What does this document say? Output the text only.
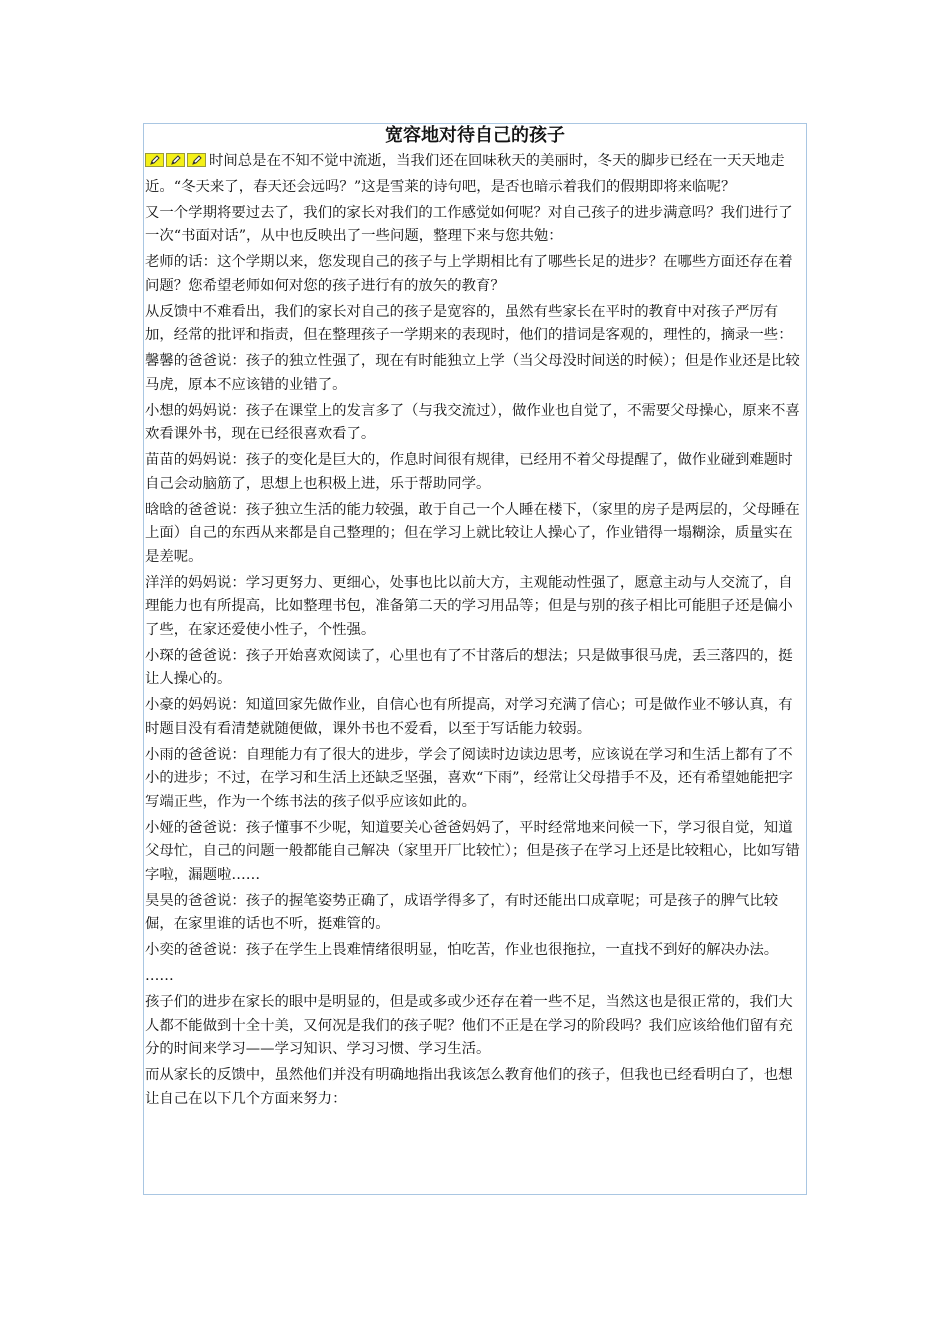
宽容地对待自己的孩子

时间总是在不知不觉中流逝，当我们还在回味秋天的美丽时，冬天的脚步已经在一天天地走近。“冬天来了，春天还会远吗？”这是雪莱的诗句吧，是否也暗示着我们的假期即将来临呢？

又一个学期将要过去了，我们的家长对我们的工作感觉如何呢？对自己孩子的进步满意吗？我们进行了一次“书面对话”，从中也反映出了一些问题，整理下来与您共勉：

老师的话：这个学期以来，您发现自己的孩子与上学期相比有了哪些长足的进步？在哪些方面还存在着问题？您希望老师如何对您的孩子进行有的放矢的教育？

从反馈中不难看出，我们的家长对自己的孩子是宽容的，虽然有些家长在平时的教育中对孩子严厉有加，经常的批评和指责，但在整理孩子一学期来的表现时，他们的措词是客观的，理性的，摘录一些：

馨馨的爸爸说：孩子的独立性强了，现在有时能独立上学（当父母没时间送的时候）；但是作业还是比较马虎，原本不应该错的业错了。

小想的妈妈说：孩子在课堂上的发言多了（与我交流过），做作业也自觉了，不需要父母操心，原来不喜欢看课外书，现在已经很喜欢看了。

苗苗的妈妈说：孩子的变化是巨大的，作息时间很有规律，已经用不着父母提醒了，做作业碰到难题时自己会动脑筋了，思想上也积极上进，乐于帮助同学。

晗晗的爸爸说：孩子独立生活的能力较强，敢于自己一个人睡在楼下，（家里的房子是两层的，父母睡在上面）自己的东西从来都是自己整理的；但在学习上就比较让人操心了，作业错得一塌糊涂，质量实在是差呢。

洋洋的妈妈说：学习更努力、更细心，处事也比以前大方，主观能动性强了，愿意主动与人交流了，自理能力也有所提高，比如整理书包，准备第二天的学习用品等；但是与别的孩子相比可能胆子还是偏小了些，在家还爱使小性子，个性强。

小琛的爸爸说：孩子开始喜欢阅读了，心里也有了不甘落后的想法；只是做事很马虎，丢三落四的，挺让人操心的。

小豪的妈妈说：知道回家先做作业，自信心也有所提高，对学习充满了信心；可是做作业不够认真，有时题目没有看清楚就随便做，课外书也不爱看，以至于写话能力较弱。

小雨的爸爸说：自理能力有了很大的进步，学会了阅读时边读边思考，应该说在学习和生活上都有了不小的进步；不过，在学习和生活上还缺乏坚强，喜欢“下雨”，经常让父母措手不及，还有希望她能把字写端正些，作为一个练书法的孩子似乎应该如此的。

小娅的爸爸说：孩子懂事不少呢，知道要关心爸爸妈妈了，平时经常地来问候一下，学习很自觉，知道父母忙，自己的问题一般都能自己解决（家里开厂比较忙）；但是孩子在学习上还是比较粗心，比如写错字啦，漏题啦……

昊昊的爸爸说：孩子的握笔姿势正确了，成语学得多了，有时还能出口成章呢；可是孩子的脾气比较倔，在家里谁的话也不听，挺难管的。

小奕的爸爸说：孩子在学生上畏难情绪很明显，怕吃苦，作业也很拖拉，一直找不到好的解决办法。

……

孩子们的进步在家长的眼中是明显的，但是或多或少还存在着一些不足，当然这也是很正常的，我们大人都不能做到十全十美，又何况是我们的孩子呢？他们不正是在学习的阶段吗？我们应该给他们留有充分的时间来学习——学习知识、学习习惯、学习生活。

而从家长的反馈中，虽然他们并没有明确地指出我该怎么教育他们的孩子，但我也已经看明白了，也想让自己在以下几个方面来努力：
